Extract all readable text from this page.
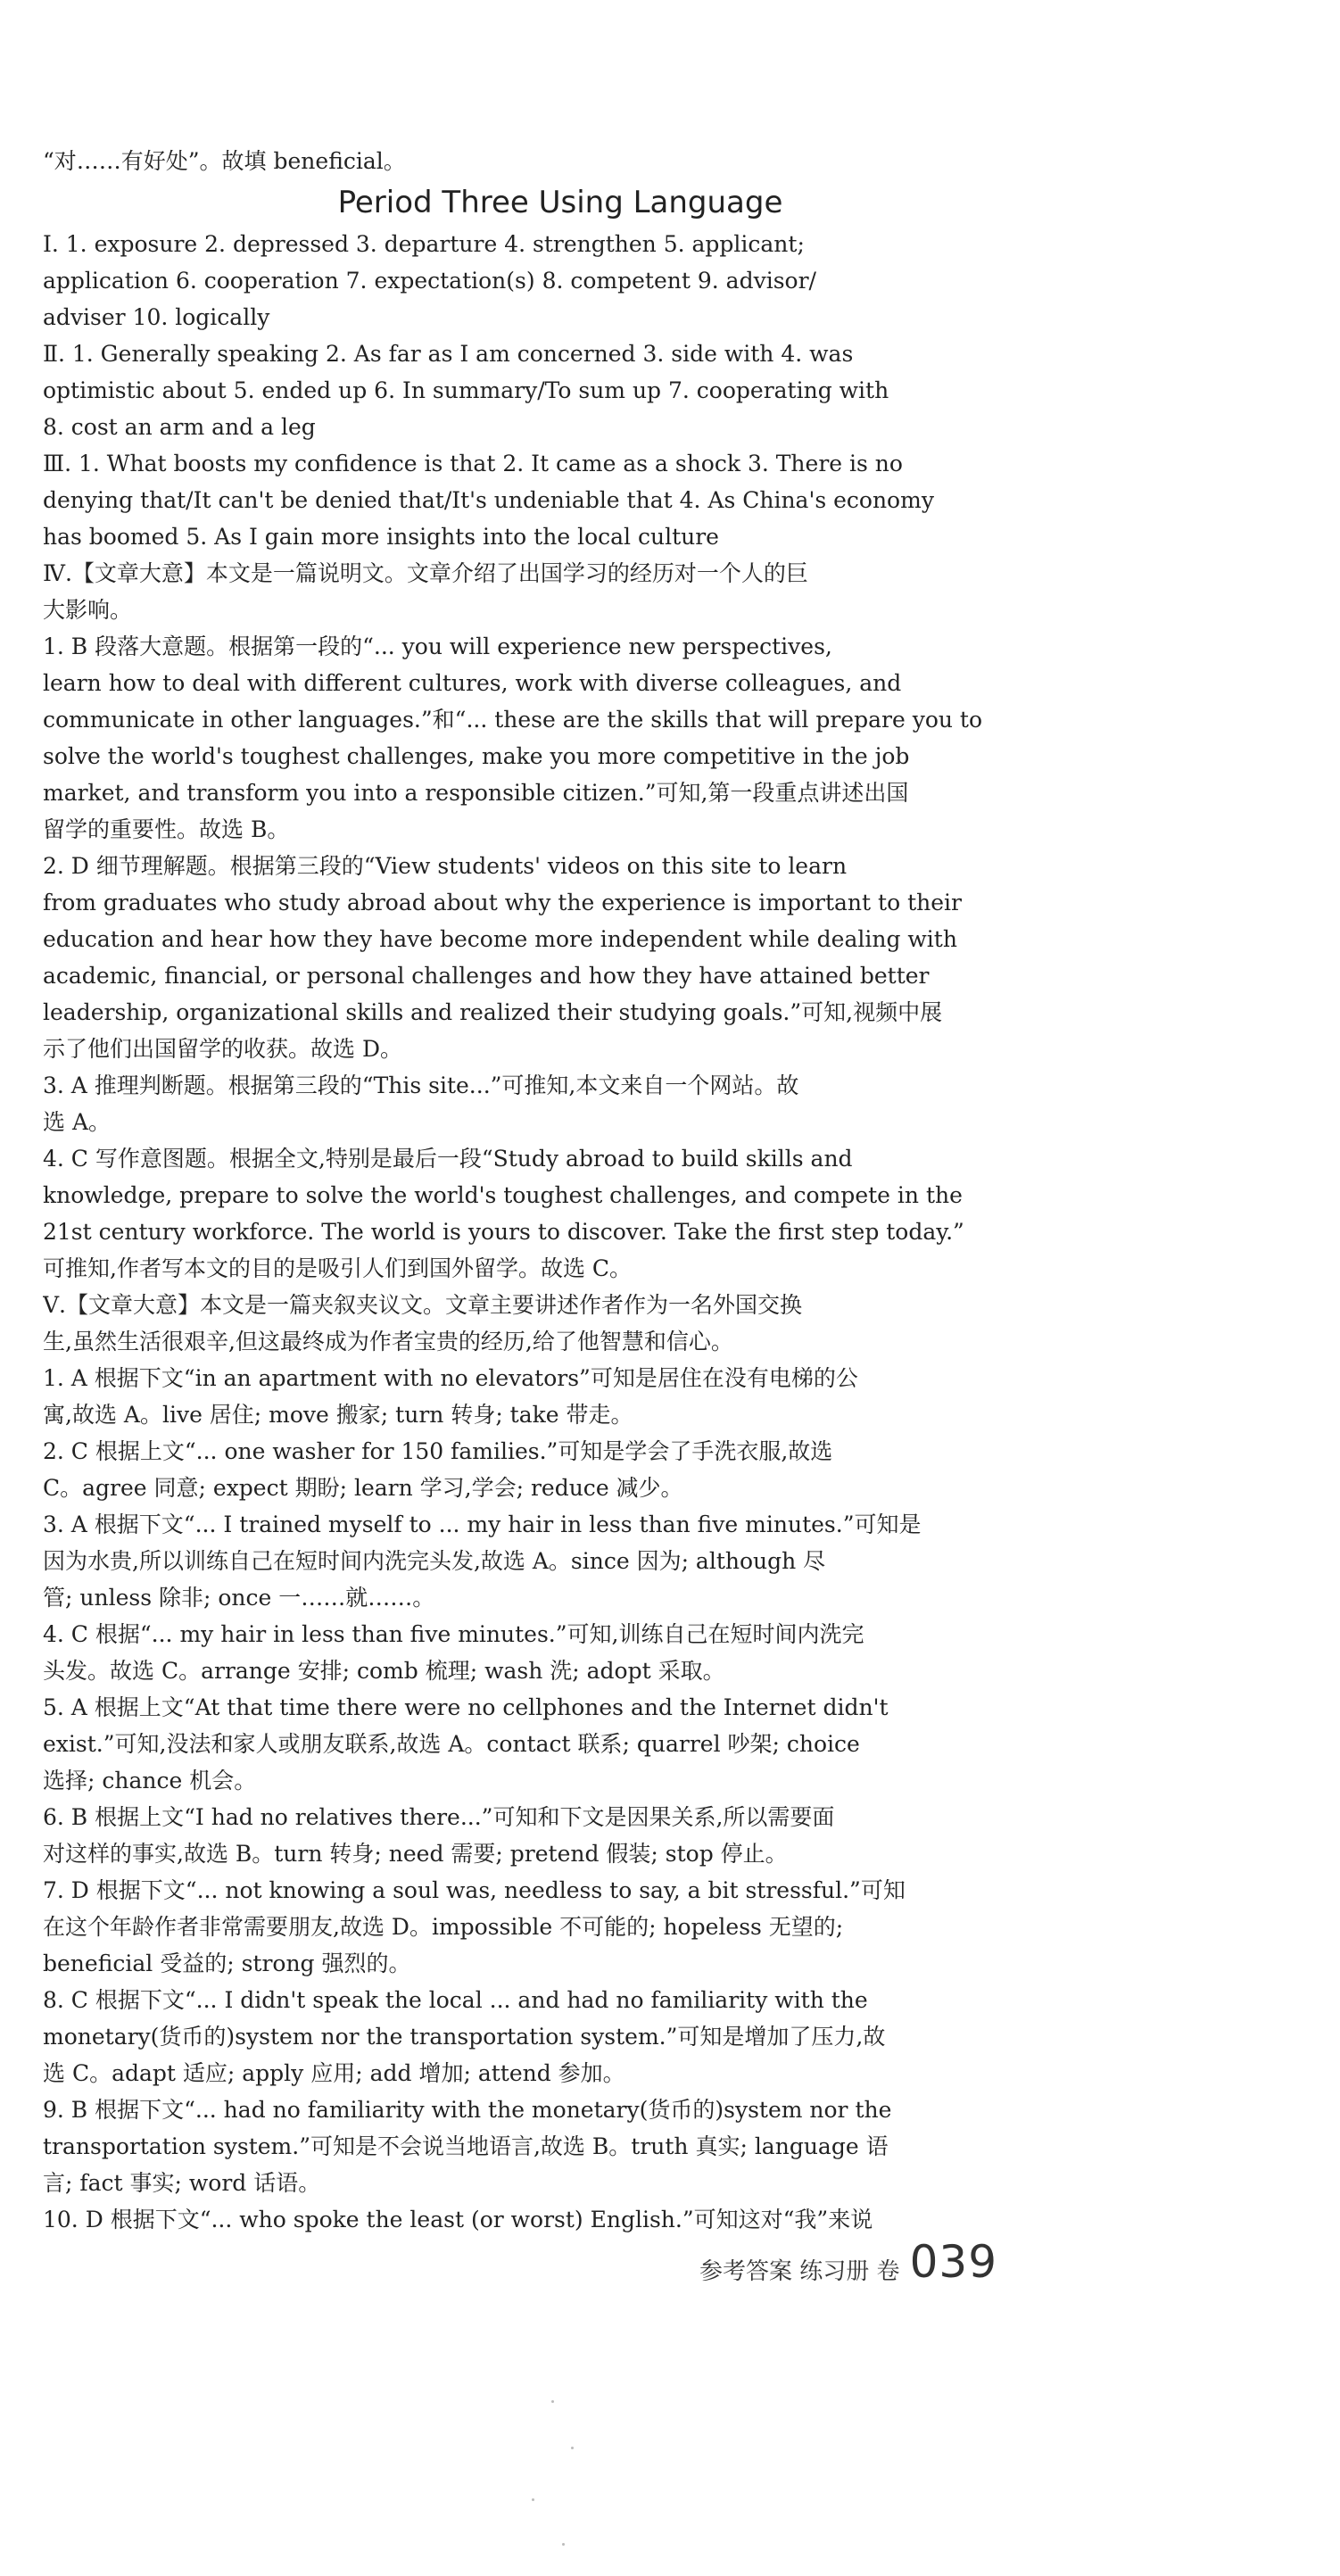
“对……有好处”。故填 beneficial。
Period Three Using Language
Ⅰ. 1. exposure 2. depressed 3. departure 4. strengthen 5. applicant;
application 6. cooperation 7. expectation(s) 8. competent 9. advisor/
adviser 10. logically
Ⅱ. 1. Generally speaking 2. As far as I am concerned 3. side with 4. was
optimistic about 5. ended up 6. In summary/To sum up 7. cooperating with
8. cost an arm and a leg
Ⅲ. 1. What boosts my confidence is that 2. It came as a shock 3. There is no
denying that/It can't be denied that/It's undeniable that 4. As China's economy
has boomed 5. As I gain more insights into the local culture
Ⅳ.【文章大意】本文是一篇说明文。文章介绍了出国学习的经历对一个人的巨
大影响。
1. B 段落大意题。根据第一段的“... you will experience new perspectives,
learn how to deal with different cultures, work with diverse colleagues, and
communicate in other languages.”和“... these are the skills that will prepare you to
solve the world's toughest challenges, make you more competitive in the job
market, and transform you into a responsible citizen.”可知,第一段重点讲述出国
留学的重要性。故选 B。
2. D 细节理解题。根据第三段的“View students' videos on this site to learn
from graduates who study abroad about why the experience is important to their
education and hear how they have become more independent while dealing with
academic, financial, or personal challenges and how they have attained better
leadership, organizational skills and realized their studying goals.”可知,视频中展
示了他们出国留学的收获。故选 D。
3. A 推理判断题。根据第三段的“This site...”可推知,本文来自一个网站。故
选 A。
4. C 写作意图题。根据全文,特别是最后一段“Study abroad to build skills and
knowledge, prepare to solve the world's toughest challenges, and compete in the
21st century workforce. The world is yours to discover. Take the first step today.”
可推知,作者写本文的目的是吸引人们到国外留学。故选 C。
Ⅴ.【文章大意】本文是一篇夹叙夹议文。文章主要讲述作者作为一名外国交换
生,虽然生活很艰辛,但这最终成为作者宝贵的经历,给了他智慧和信心。
1. A 根据下文“in an apartment with no elevators”可知是居住在没有电梯的公
寓,故选 A。live 居住; move 搬家; turn 转身; take 带走。
2. C 根据上文“... one washer for 150 families.”可知是学会了手洗衣服,故选
C。agree 同意; expect 期盼; learn 学习,学会; reduce 减少。
3. A 根据下文“... I trained myself to ... my hair in less than five minutes.”可知是
因为水贵,所以训练自己在短时间内洗完头发,故选 A。since 因为; although 尽
管; unless 除非; once 一……就……。
4. C 根据“... my hair in less than five minutes.”可知,训练自己在短时间内洗完
头发。故选 C。arrange 安排; comb 梳理; wash 洗; adopt 采取。
5. A 根据上文“At that time there were no cellphones and the Internet didn't
exist.”可知,没法和家人或朋友联系,故选 A。contact 联系; quarrel 吵架; choice
选择; chance 机会。
6. B 根据上文“I had no relatives there...”可知和下文是因果关系,所以需要面
对这样的事实,故选 B。turn 转身; need 需要; pretend 假装; stop 停止。
7. D 根据下文“... not knowing a soul was, needless to say, a bit stressful.”可知
在这个年龄作者非常需要朋友,故选 D。impossible 不可能的; hopeless 无望的;
beneficial 受益的; strong 强烈的。
8. C 根据下文“... I didn't speak the local ... and had no familiarity with the
monetary(货币的)system nor the transportation system.”可知是增加了压力,故
选 C。adapt 适应; apply 应用; add 增加; attend 参加。
9. B 根据下文“... had no familiarity with the monetary(货币的)system nor the
transportation system.”可知是不会说当地语言,故选 B。truth 真实; language 语
言; fact 事实; word 话语。
10. D 根据下文“... who spoke the least (or worst) English.”可知这对“我”来说
参考答案 练习册 卷 039
